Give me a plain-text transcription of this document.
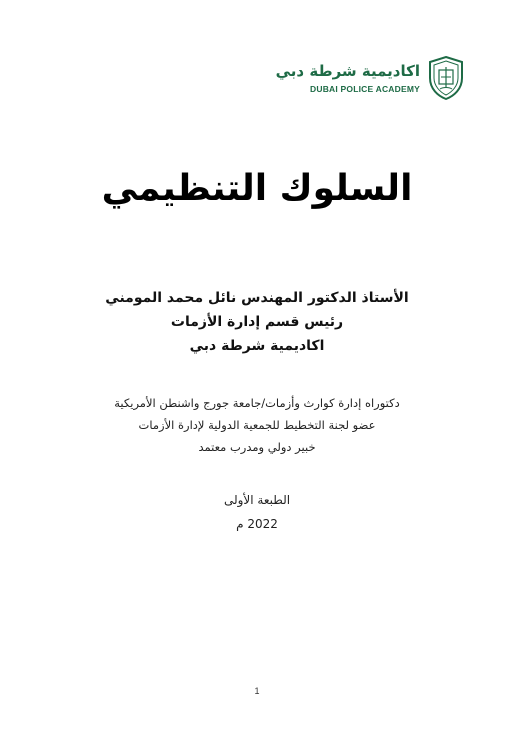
اكاديمية شرطة دبي
DUBAI POLICE ACADEMY
السلوك التنظيمي
الأستاذ الدكتور المهندس نائل محمد المومني
رئيس قسم إدارة الأزمات
اكاديمية شرطة دبي
دكتوراه إدارة كوارث وأزمات/جامعة جورج واشنطن الأمريكية
عضو لجنة التخطيط للجمعية الدولية لإدارة الأزمات
خبير دولي ومدرب معتمد
الطبعة الأولى
2022 م
1
